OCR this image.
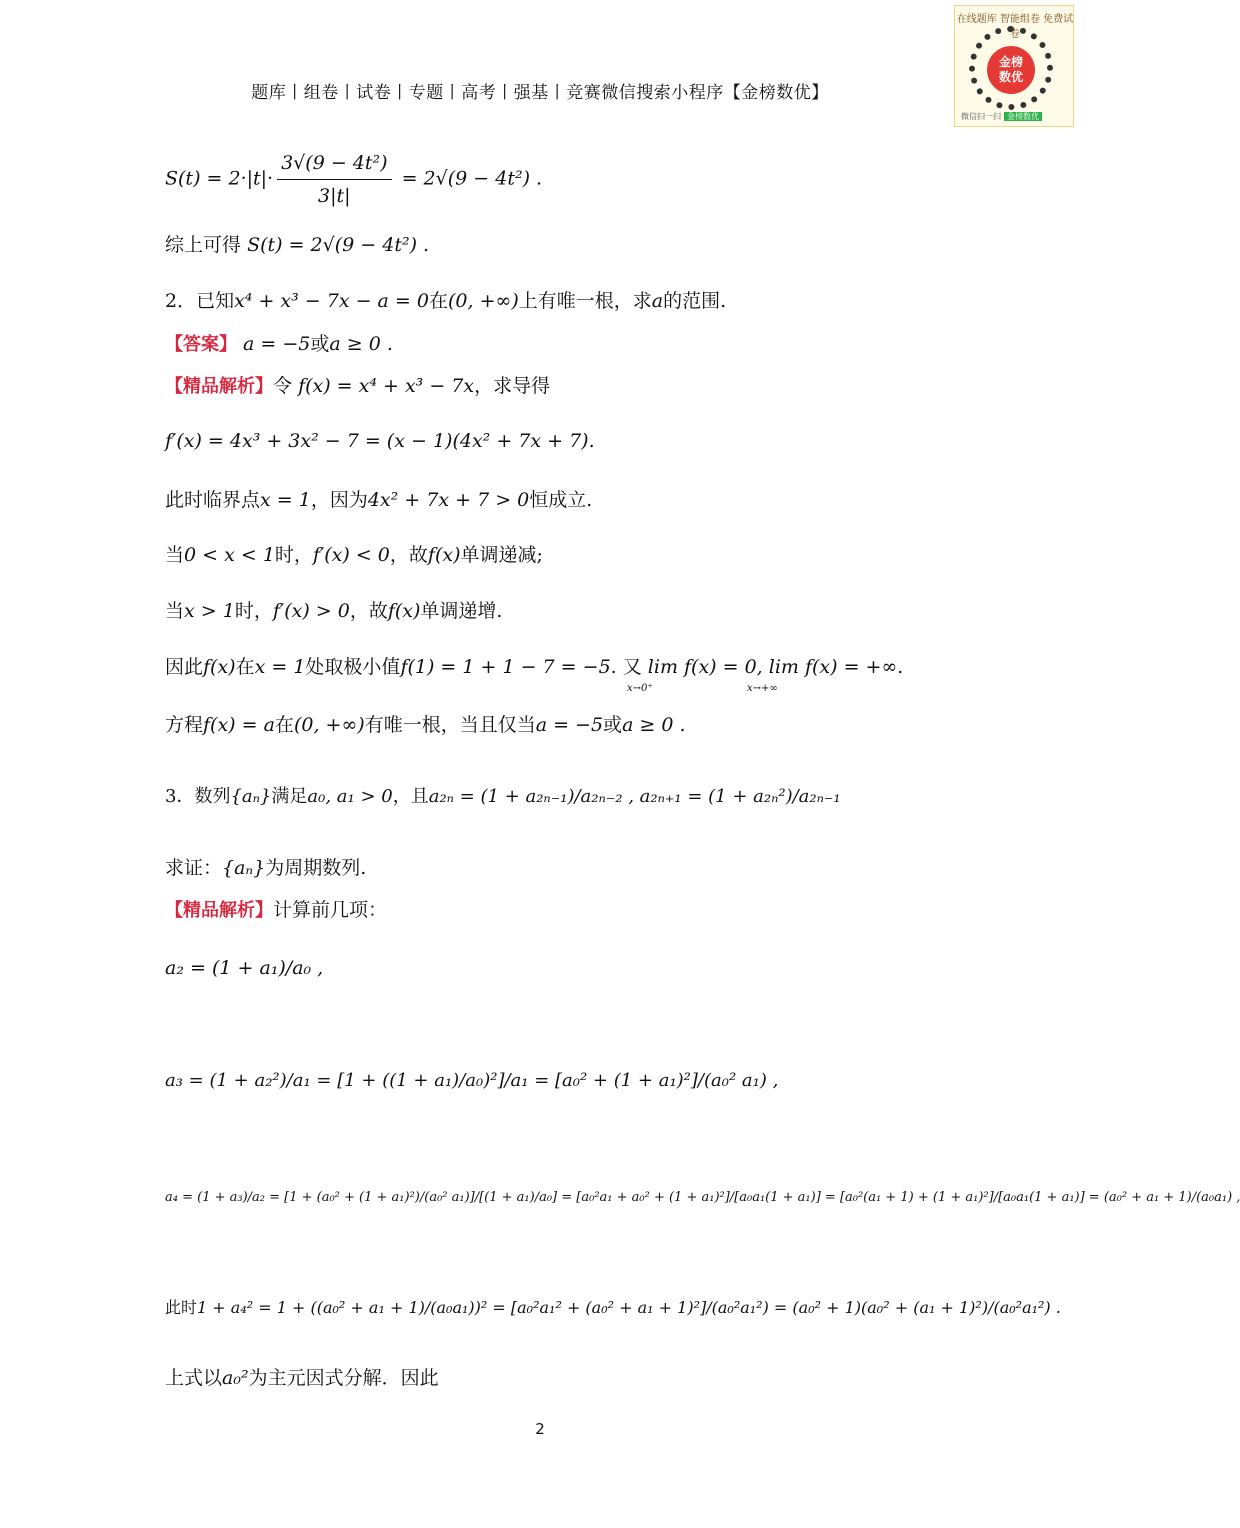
题库丨组卷丨试卷丨专题丨高考丨强基丨竞赛微信搜索小程序【金榜数优】
在线题库 智能组卷 免费试卷
金榜
数优
微信扫一扫 金榜数优
$S(t) = 2\cdot|t|\cdot \frac{\text{3√(9 − 4t²)}}{3|t|} = 2√(9 - 4t^2)$ .
综上可得 S(t) = 2√(9 − 4t²) .
2．已知x⁴ + x³ − 7x − a = 0在(0, +∞)上有唯一根，求a的范围.
【答案】 a = −5或a ≥ 0 .
【精品解析】令 f(x) = x⁴ + x³ − 7x，求导得
f′(x) = 4x³ + 3x² − 7 = (x − 1)(4x² + 7x + 7).
此时临界点x = 1，因为4x² + 7x + 7 > 0恒成立.
当0 < x < 1时，f′(x) < 0，故f(x)单调递减;
当x > 1时，f′(x) > 0，故f(x)单调递增.
因此f(x)在x = 1处取极小值f(1) = 1 + 1 − 7 = −5. 又 lim f(x) = 0, lim f(x) = +∞.
x→0⁺	x→+∞
方程f(x) = a在(0, +∞)有唯一根，当且仅当a = −5或a ≥ 0 .
3．数列{aₙ}满足a₀, a₁ > 0，且a₂ₙ = (1 + a₂ₙ₋₁)/a₂ₙ₋₂ , a₂ₙ₊₁ = (1 + a₂ₙ²)/a₂ₙ₋₁
求证：{aₙ}为周期数列.
【精品解析】计算前几项：
a₂ = (1 + a₁)/a₀ ,
a₃ = (1 + a₂²)/a₁ = [1 + ((1 + a₁)/a₀)²]/a₁ = [a₀² + (1 + a₁)²]/(a₀² a₁) ,
a₄ = (1 + a₃)/a₂ = [1 + (a₀² + (1 + a₁)²)/(a₀² a₁)]/[(1 + a₁)/a₀] = [a₀²a₁ + a₀² + (1 + a₁)²]/[a₀a₁(1 + a₁)] = [a₀²(a₁ + 1) + (1 + a₁)²]/[a₀a₁(1 + a₁)] = (a₀² + a₁ + 1)/(a₀a₁) ,
此时1 + a₄² = 1 + ((a₀² + a₁ + 1)/(a₀a₁))² = [a₀²a₁² + (a₀² + a₁ + 1)²]/(a₀²a₁²) = (a₀² + 1)(a₀² + (a₁ + 1)²)/(a₀²a₁²) .
上式以a₀²为主元因式分解．因此
2
